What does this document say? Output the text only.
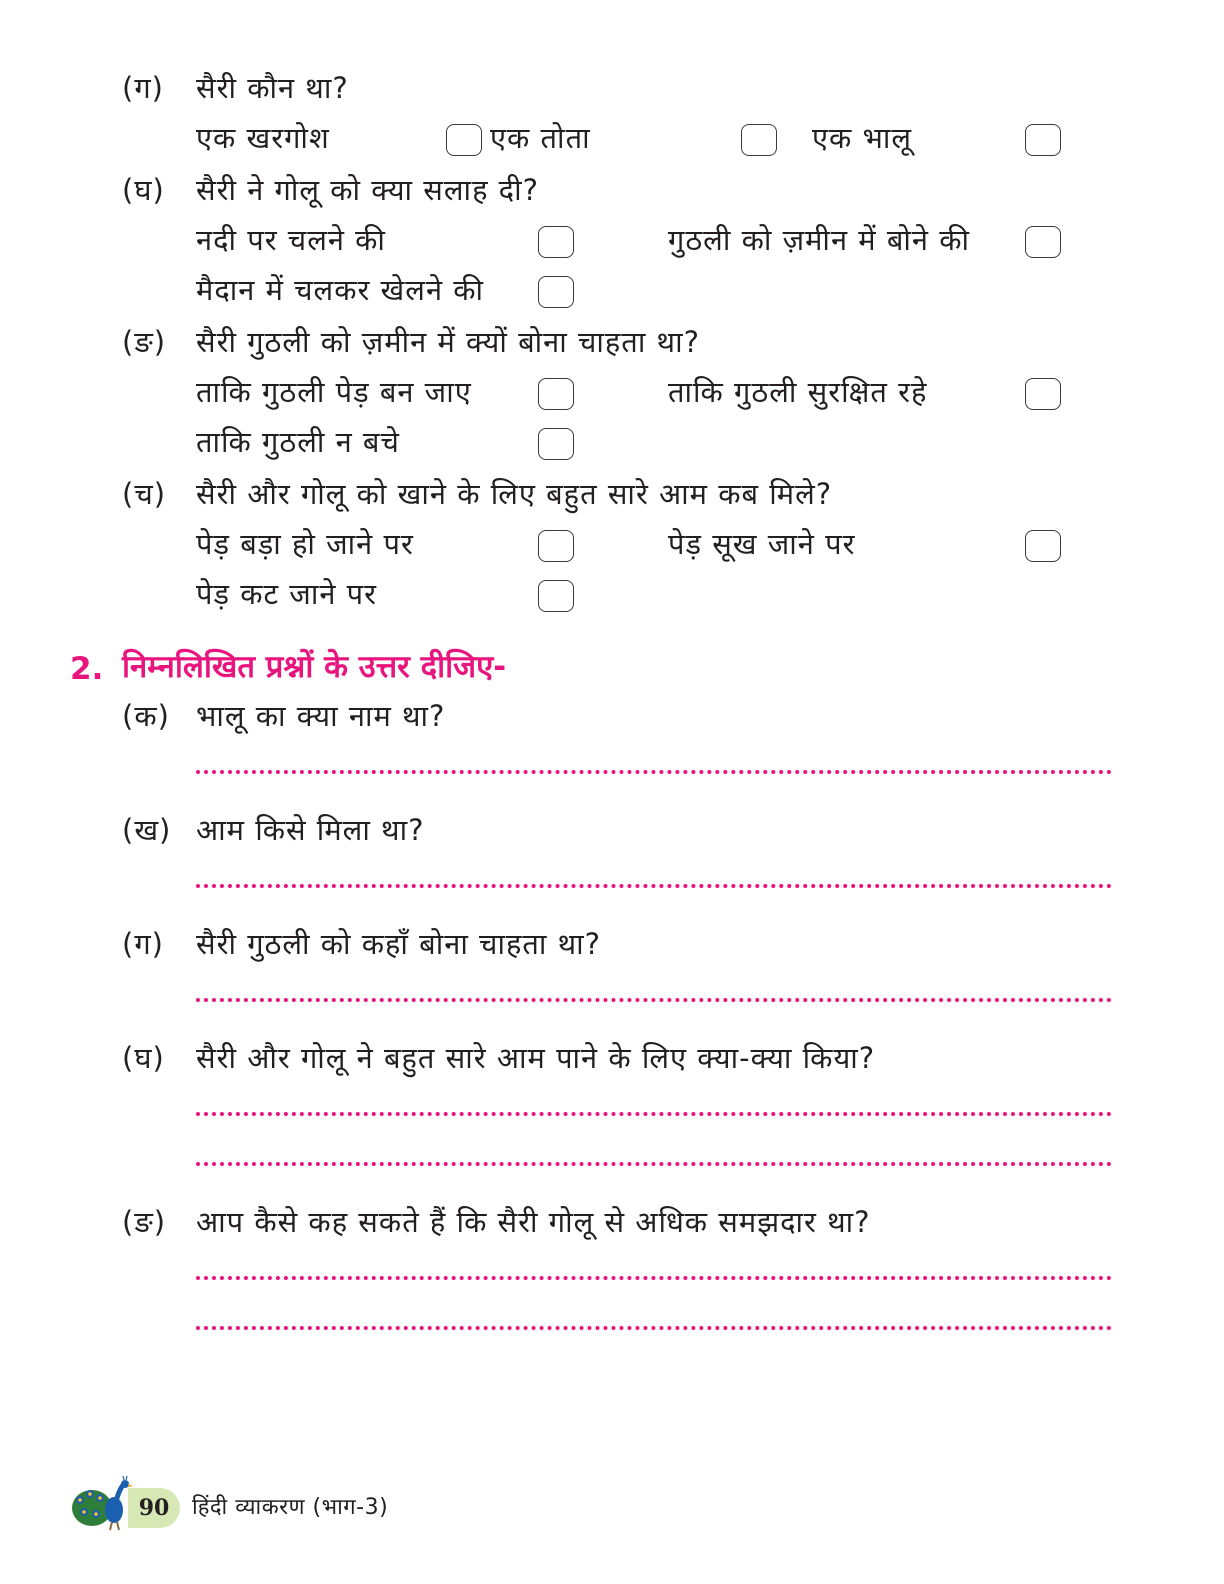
(ग) सैरी कौन था?
एक खरगोश	एक तोता	एक भालू
(घ) सैरी ने गोलू को क्या सलाह दी?
नदी पर चलने की	गुठली को ज़मीन में बोने की
मैदान में चलकर खेलने की
(ङ) सैरी गुठली को ज़मीन में क्यों बोना चाहता था?
ताकि गुठली पेड़ बन जाए	ताकि गुठली सुरक्षित रहे
ताकि गुठली न बचे
(च) सैरी और गोलू को खाने के लिए बहुत सारे आम कब मिले?
पेड़ बड़ा हो जाने पर	पेड़ सूख जाने पर
पेड़ कट जाने पर
2. निम्नलिखित प्रश्नों के उत्तर दीजिए-
(क) भालू का क्या नाम था?
(ख) आम किसे मिला था?
(ग) सैरी गुठली को कहाँ बोना चाहता था?
(घ) सैरी और गोलू ने बहुत सारे आम पाने के लिए क्या-क्या किया?
(ङ) आप कैसे कह सकते हैं कि सैरी गोलू से अधिक समझदार था?
90	हिंदी व्याकरण (भाग-3)
